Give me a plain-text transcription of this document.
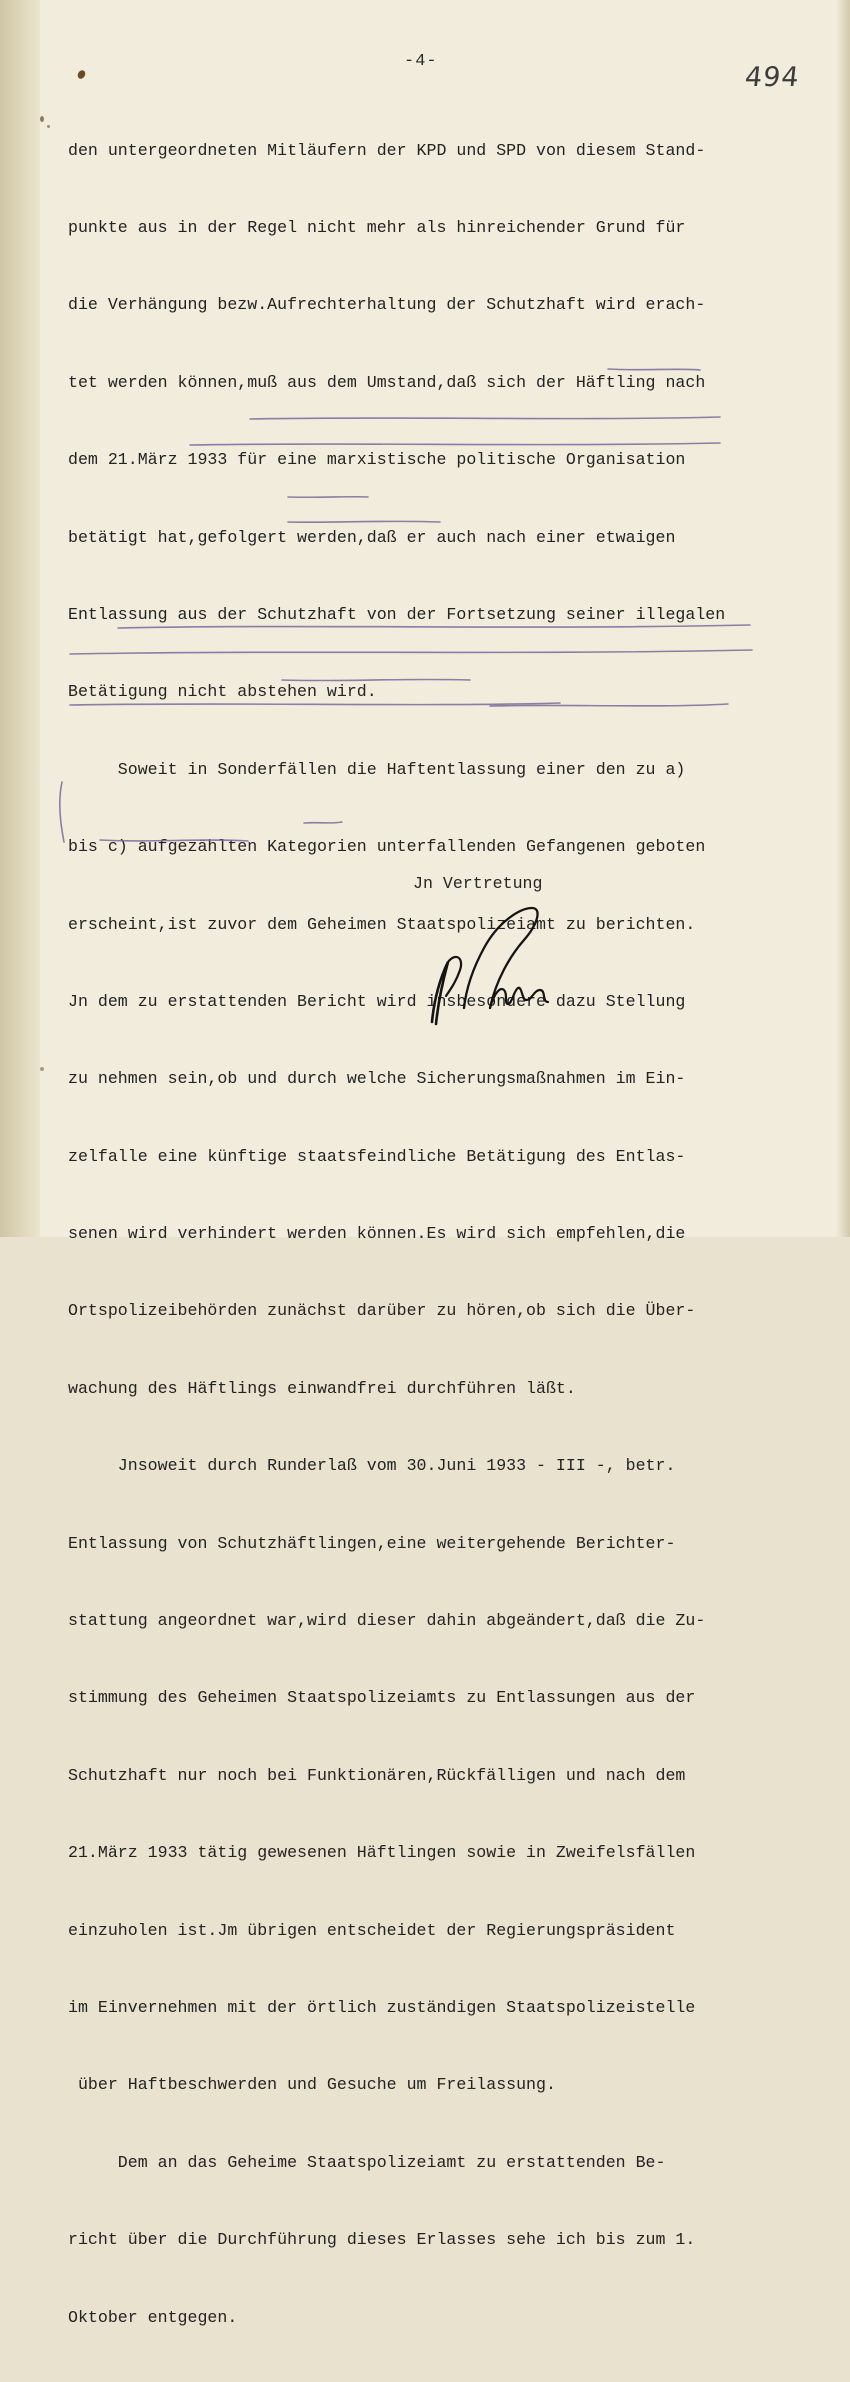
-4-
494

den untergeordneten Mitläufern der KPD und SPD von diesem Stand-

punkte aus in der Regel nicht mehr als hinreichender Grund für

die Verhängung bezw.Aufrechterhaltung der Schutzhaft wird erach-

tet werden können,muß aus dem Umstand,daß sich der Häftling nach

dem 21.März 1933 für eine marxistische politische Organisation

betätigt hat,gefolgert werden,daß er auch nach einer etwaigen

Entlassung aus der Schutzhaft von der Fortsetzung seiner illegalen

Betätigung nicht abstehen wird.

Soweit in Sonderfällen die Haftentlassung einer den zu a)

bis c) aufgezählten Kategorien unterfallenden Gefangenen geboten

erscheint,ist zuvor dem Geheimen Staatspolizeiamt zu berichten.

Jn dem zu erstattenden Bericht wird insbesondere dazu Stellung

zu nehmen sein,ob und durch welche Sicherungsmaßnahmen im Ein-

zelfalle eine künftige staatsfeindliche Betätigung des Entlas-

senen wird verhindert werden können.Es wird sich empfehlen,die

Ortspolizeibehörden zunächst darüber zu hören,ob sich die Über-

wachung des Häftlings einwandfrei durchführen läßt.

Jnsoweit durch Runderlaß vom 30.Juni 1933 - III -, betr.

Entlassung von Schutzhäftlingen,eine weitergehende Berichter-

stattung angeordnet war,wird dieser dahin abgeändert,daß die Zu-

stimmung des Geheimen Staatspolizeiamts zu Entlassungen aus der

Schutzhaft nur noch bei Funktionären,Rückfälligen und nach dem

21.März 1933 tätig gewesenen Häftlingen sowie in Zweifelsfällen

einzuholen ist.Jm übrigen entscheidet der Regierungspräsident

im Einvernehmen mit der örtlich zuständigen Staatspolizeistelle

über Haftbeschwerden und Gesuche um Freilassung.

Dem an das Geheime Staatspolizeiamt zu erstattenden Be-

richt über die Durchführung dieses Erlasses sehe ich bis zum 1.

Oktober entgegen.

Jn Vertretung
